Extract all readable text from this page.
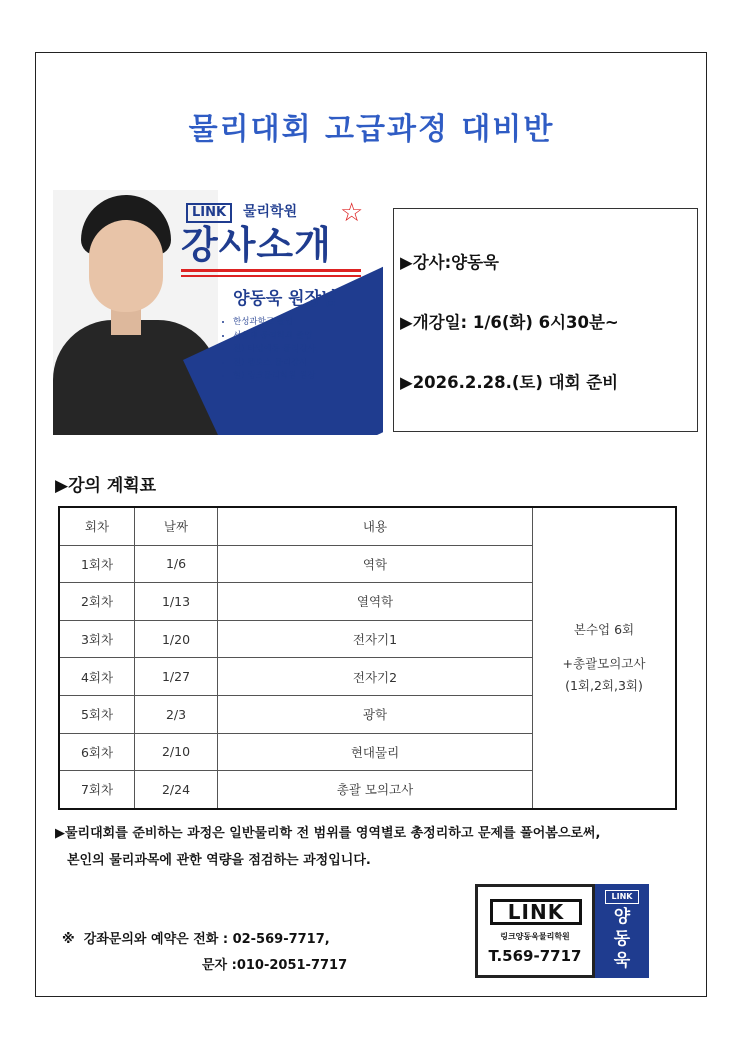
물리대회 고급과정 대비반
LINK	물리학원 ☆
강사소개
양동욱 원장님
• 한성과학고 졸업
• 서울대 물리학과 졸업
• 전) 타임에듀 물리강사
• 전) 펨토스 물리강사
• 현) 링크물리학원 원장
▶강사:양동욱
▶개강일: 1/6(화) 6시30분~
▶2026.2.28.(토) 대회 준비
▶강의 계획표
회차	날짜	내용	본수업 6회
+총괄모의고사
(1회,2회,3회)

1회차	1/6	역학	
2회차	1/13	열역학	
3회차	1/20	전자기1	
4회차	1/27	전자기2	
5회차	2/3	광학	
6회차	2/10	현대물리	
7회차	2/24	총괄 모의고사	
▶물리대회를 준비하는 과정은 일반물리학 전 범위를 영역별로 총정리하고 문제를 풀어봄으로써,
본인의 물리과목에 관한 역량을 점검하는 과정입니다.
※  강좌문의와 예약은 전화 : 02-569-7717,
문자 :010-2051-7717
LINK
링크양동욱물리학원
T.569-7717
LINK
양
동
욱
